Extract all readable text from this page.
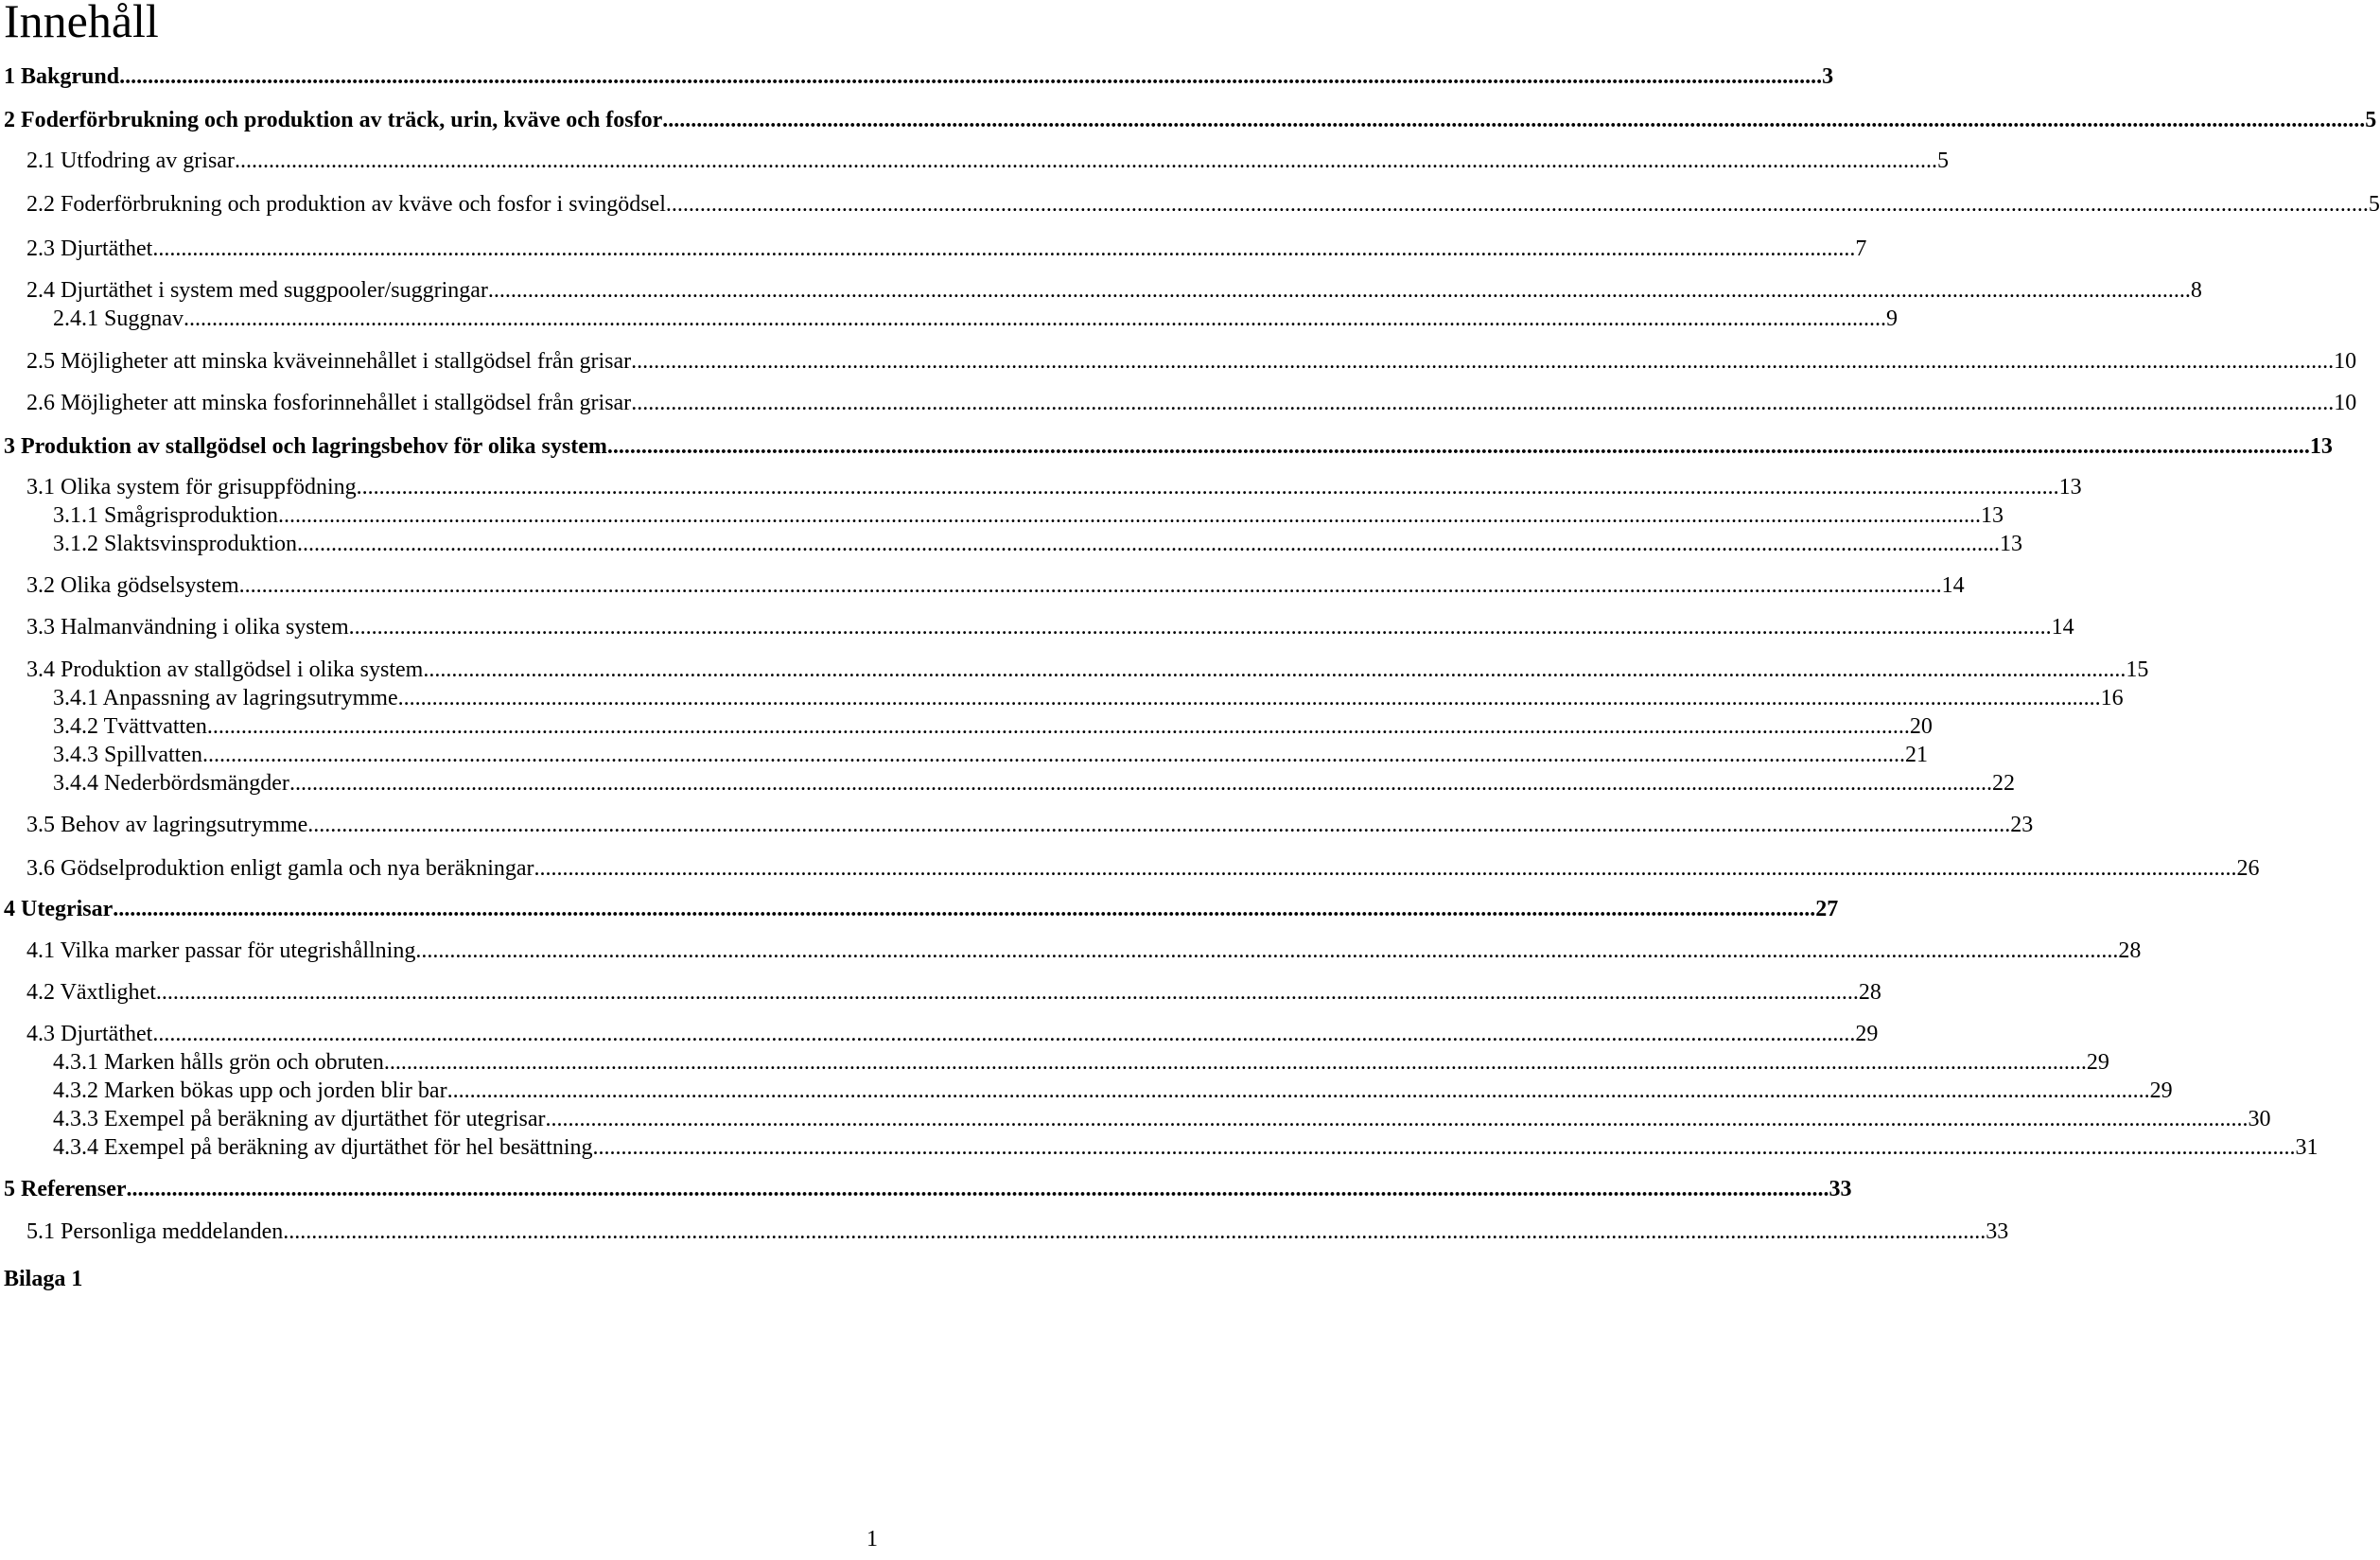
Innehåll
1 Bakgrund ............................................................................................................................................................................................................................................................................................................ 3
2 Foderförbrukning och produktion av träck, urin, kväve och fosfor ............................................................................................................................................................................................................................................................................................................ 5
2.1 Utfodring av grisar ............................................................................................................................................................................................................................................................................................................ 5
2.2 Foderförbrukning och produktion av kväve och fosfor i svingödsel ............................................................................................................................................................................................................................................................................................................ 5
2.3 Djurtäthet ............................................................................................................................................................................................................................................................................................................ 7
2.4 Djurtäthet i system med suggpooler/suggringar ............................................................................................................................................................................................................................................................................................................ 8
2.4.1 Suggnav ............................................................................................................................................................................................................................................................................................................ 9
2.5 Möjligheter att minska kväveinnehållet i stallgödsel från grisar ............................................................................................................................................................................................................................................................................................................ 10
2.6 Möjligheter att minska fosforinnehållet i stallgödsel från grisar ............................................................................................................................................................................................................................................................................................................ 10
3 Produktion av stallgödsel och lagringsbehov för olika system ............................................................................................................................................................................................................................................................................................................ 13
3.1 Olika system för grisuppfödning ............................................................................................................................................................................................................................................................................................................ 13
3.1.1 Smågrisproduktion ............................................................................................................................................................................................................................................................................................................ 13
3.1.2 Slaktsvinsproduktion ............................................................................................................................................................................................................................................................................................................ 13
3.2 Olika gödselsystem ............................................................................................................................................................................................................................................................................................................ 14
3.3 Halmanvändning i olika system ............................................................................................................................................................................................................................................................................................................ 14
3.4 Produktion av stallgödsel i olika system ............................................................................................................................................................................................................................................................................................................ 15
3.4.1 Anpassning av lagringsutrymme ............................................................................................................................................................................................................................................................................................................ 16
3.4.2 Tvättvatten ............................................................................................................................................................................................................................................................................................................ 20
3.4.3 Spillvatten ............................................................................................................................................................................................................................................................................................................ 21
3.4.4 Nederbördsmängder ............................................................................................................................................................................................................................................................................................................ 22
3.5 Behov av lagringsutrymme ............................................................................................................................................................................................................................................................................................................ 23
3.6 Gödselproduktion enligt gamla och nya beräkningar ............................................................................................................................................................................................................................................................................................................ 26
4 Utegrisar ............................................................................................................................................................................................................................................................................................................ 27
4.1 Vilka marker passar för utegrishållning ............................................................................................................................................................................................................................................................................................................ 28
4.2 Växtlighet ............................................................................................................................................................................................................................................................................................................ 28
4.3 Djurtäthet ............................................................................................................................................................................................................................................................................................................ 29
4.3.1 Marken hålls grön och obruten ............................................................................................................................................................................................................................................................................................................ 29
4.3.2 Marken bökas upp och jorden blir bar ............................................................................................................................................................................................................................................................................................................ 29
4.3.3 Exempel på beräkning av djurtäthet för utegrisar ............................................................................................................................................................................................................................................................................................................ 30
4.3.4 Exempel på beräkning av djurtäthet för hel besättning ............................................................................................................................................................................................................................................................................................................ 31
5 Referenser ............................................................................................................................................................................................................................................................................................................ 33
5.1 Personliga meddelanden ............................................................................................................................................................................................................................................................................................................ 33
Bilaga 1
1
